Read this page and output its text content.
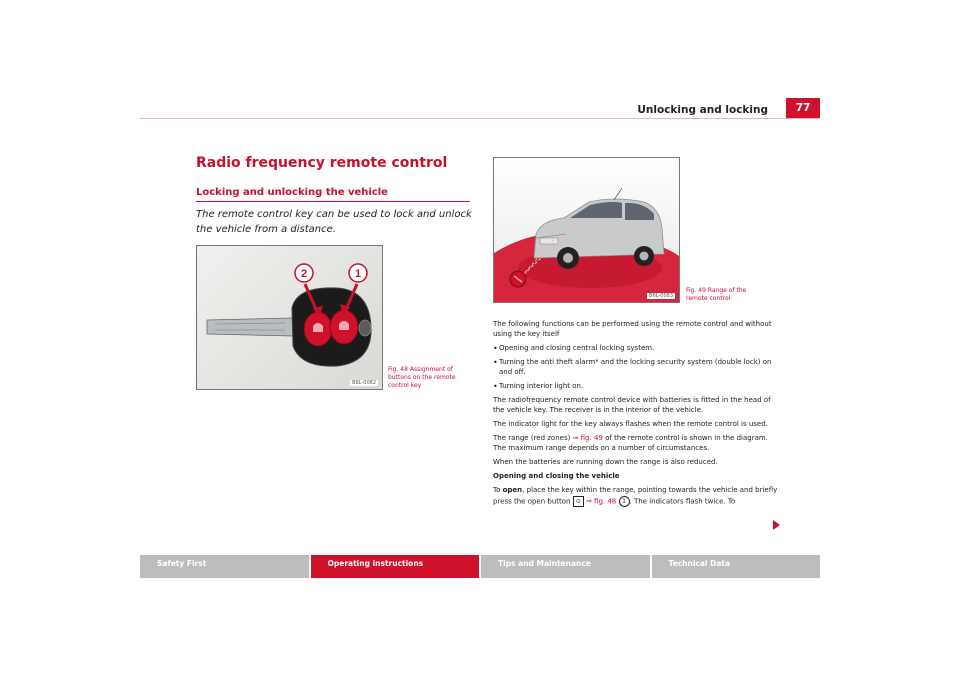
Unlocking and locking	77
Radio frequency remote control
Locking and unlocking the vehicle
The remote control key can be used to lock and unlock the vehicle from a distance.
2	1
B6L-0082
Fig. 48 Assignment of buttons on the remote control key
B6L-0083
Fig. 49 Range of the remote control

The following functions can be performed using the remote control and without using the key itself

• Opening and closing central locking system.
• Turning the anti theft alarm* and the locking security system (double lock) on and off.
• Turning interior light on.

The radiofrequency remote control device with batteries is fitted in the head of the vehicle key. The receiver is in the interior of the vehicle.

The indicator light for the key always flashes when the remote control is used.

The range (red zones) ⇒ fig. 49 of the remote control is shown in the diagram. The maximum range depends on a number of circumstances.

When the batteries are running down the range is also reduced.

Opening and closing the vehicle

To open, place the key within the range, pointing towards the vehicle and briefly press the open button ⊙ ⇒ fig. 48 1 . The indicators flash twice. To

Safety First	Operating instructions	Tips and Maintenance	Technical Data
